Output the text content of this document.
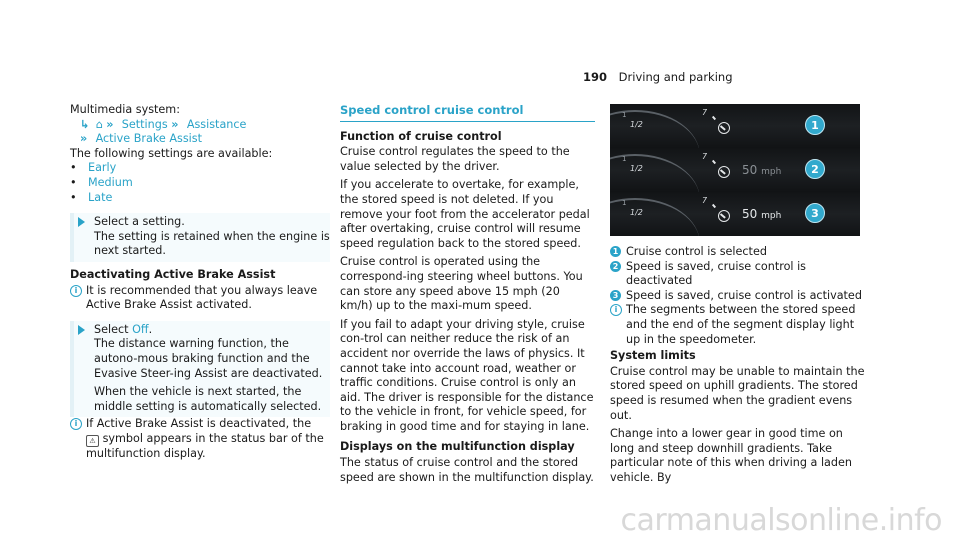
190 Driving and parking

Multimedia system:

↳ ⌂ » Settings » Assistance
» Active Brake Assist

The following settings are available:

• Early
• Medium
• Late

Select a setting.

The setting is retained when the engine is next started.

Deactivating Active Brake Assist
i It is recommended that you always leave Active Brake Assist activated.

Select Off.

The distance warning function, the autono-mous braking function and the Evasive Steer-ing Assist are deactivated.

When the vehicle is next started, the middle setting is automatically selected.

i If Active Brake Assist is deactivated, the
⚠ symbol appears in the status bar of the multifunction display.
Speed control cruise control
Function of cruise control

Cruise control regulates the speed to the value selected by the driver.

If you accelerate to overtake, for example, the stored speed is not deleted. If you remove your foot from the accelerator pedal after overtaking, cruise control will resume speed regulation back to the stored speed.

Cruise control is operated using the correspond-ing steering wheel buttons. You can store any speed above 15 mph (20 km/h) up to the maxi-mum speed.

If you fail to adapt your driving style, cruise con-trol can neither reduce the risk of an accident nor override the laws of physics. It cannot take into account road, weather or traffic conditions. Cruise control is only an aid. The driver is responsible for the distance to the vehicle in front, for vehicle speed, for braking in good time and for staying in lane.

Displays on the multifunction display

The status of cruise control and the stored speed are shown in the multifunction display.

1
1/2
7
1
1
1/2
7
50 mph	2
1
1/2
7
50 mph	3
1 Cruise control is selected
2 Speed is saved, cruise control is deactivated
3 Speed is saved, cruise control is activated
i The segments between the stored speed and the end of the segment display light up in the speedometer.
System limits

Cruise control may be unable to maintain the stored speed on uphill gradients. The stored speed is resumed when the gradient evens out.

Change into a lower gear in good time on long and steep downhill gradients. Take particular note of this when driving a laden vehicle. By

carmanualsonline.info
